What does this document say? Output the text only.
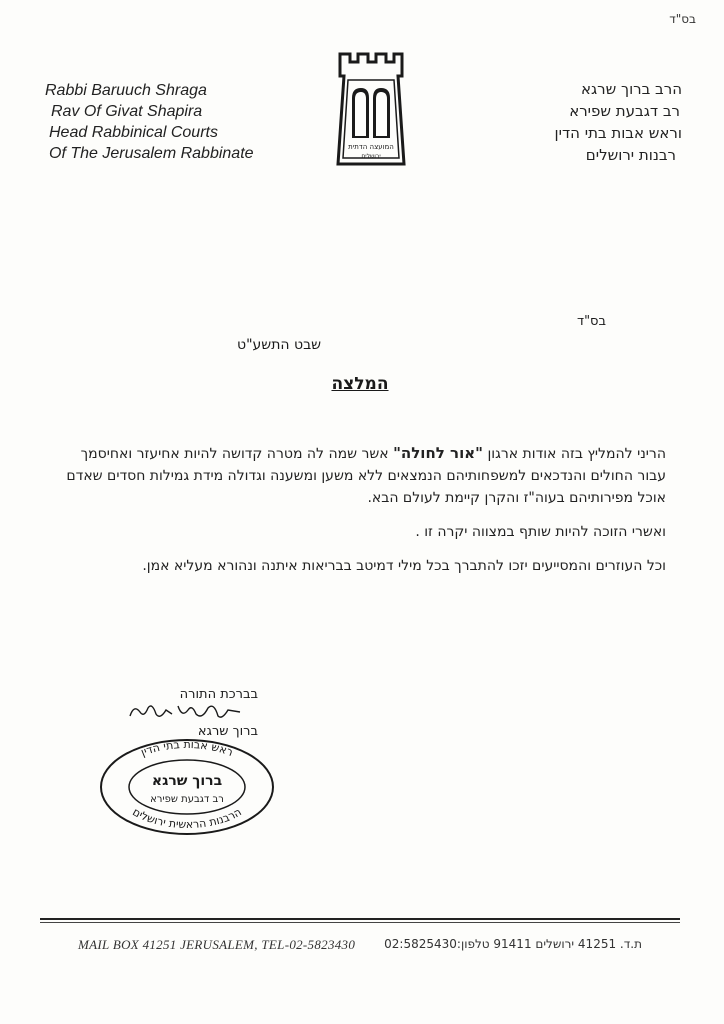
בס"ד
Rabbi Baruuch Shraga
Rav Of Givat Shapira
Head Rabbinical Courts
Of The Jerusalem Rabbinate	המועצה הדתית
ירושלים
הרב ברוך שרגא
רב דגבעת שפירא
וראש אבות בתי הדין
רבנות ירושלים
בס"ד
שבט התשע"ט
המלצה

הריני להמליץ בזה אודות ארגון "אור לחולה" אשר שמה לה מטרה קדושה להיות אחיעזר ואחיסמך עבור החולים והנדכאים למשפחותיהם הנמצאים ללא משען ומשענה וגדולה מידת גמילות חסדים שאדם אוכל מפירותיהם בעוה"ז והקרן קיימת לעולם הבא.

ואשרי הזוכה להיות שותף במצווה יקרה זו .

וכל העוזרים והמסייעים יזכו להתברך בכל מילי דמיטב בבריאות איתנה ונהורא מעליא אמן.

בברכת התורה
ברוך שרגא
ראש אבות בתי הדין
הרבנות הראשית ירושלים
ברוך שרגא
רב דגבעת שפירא
MAIL BOX 41251 JERUSALEM, TEL-02-5823430 ת.ד. 41251 ירושלים 91411 טלפון:02:5825430
